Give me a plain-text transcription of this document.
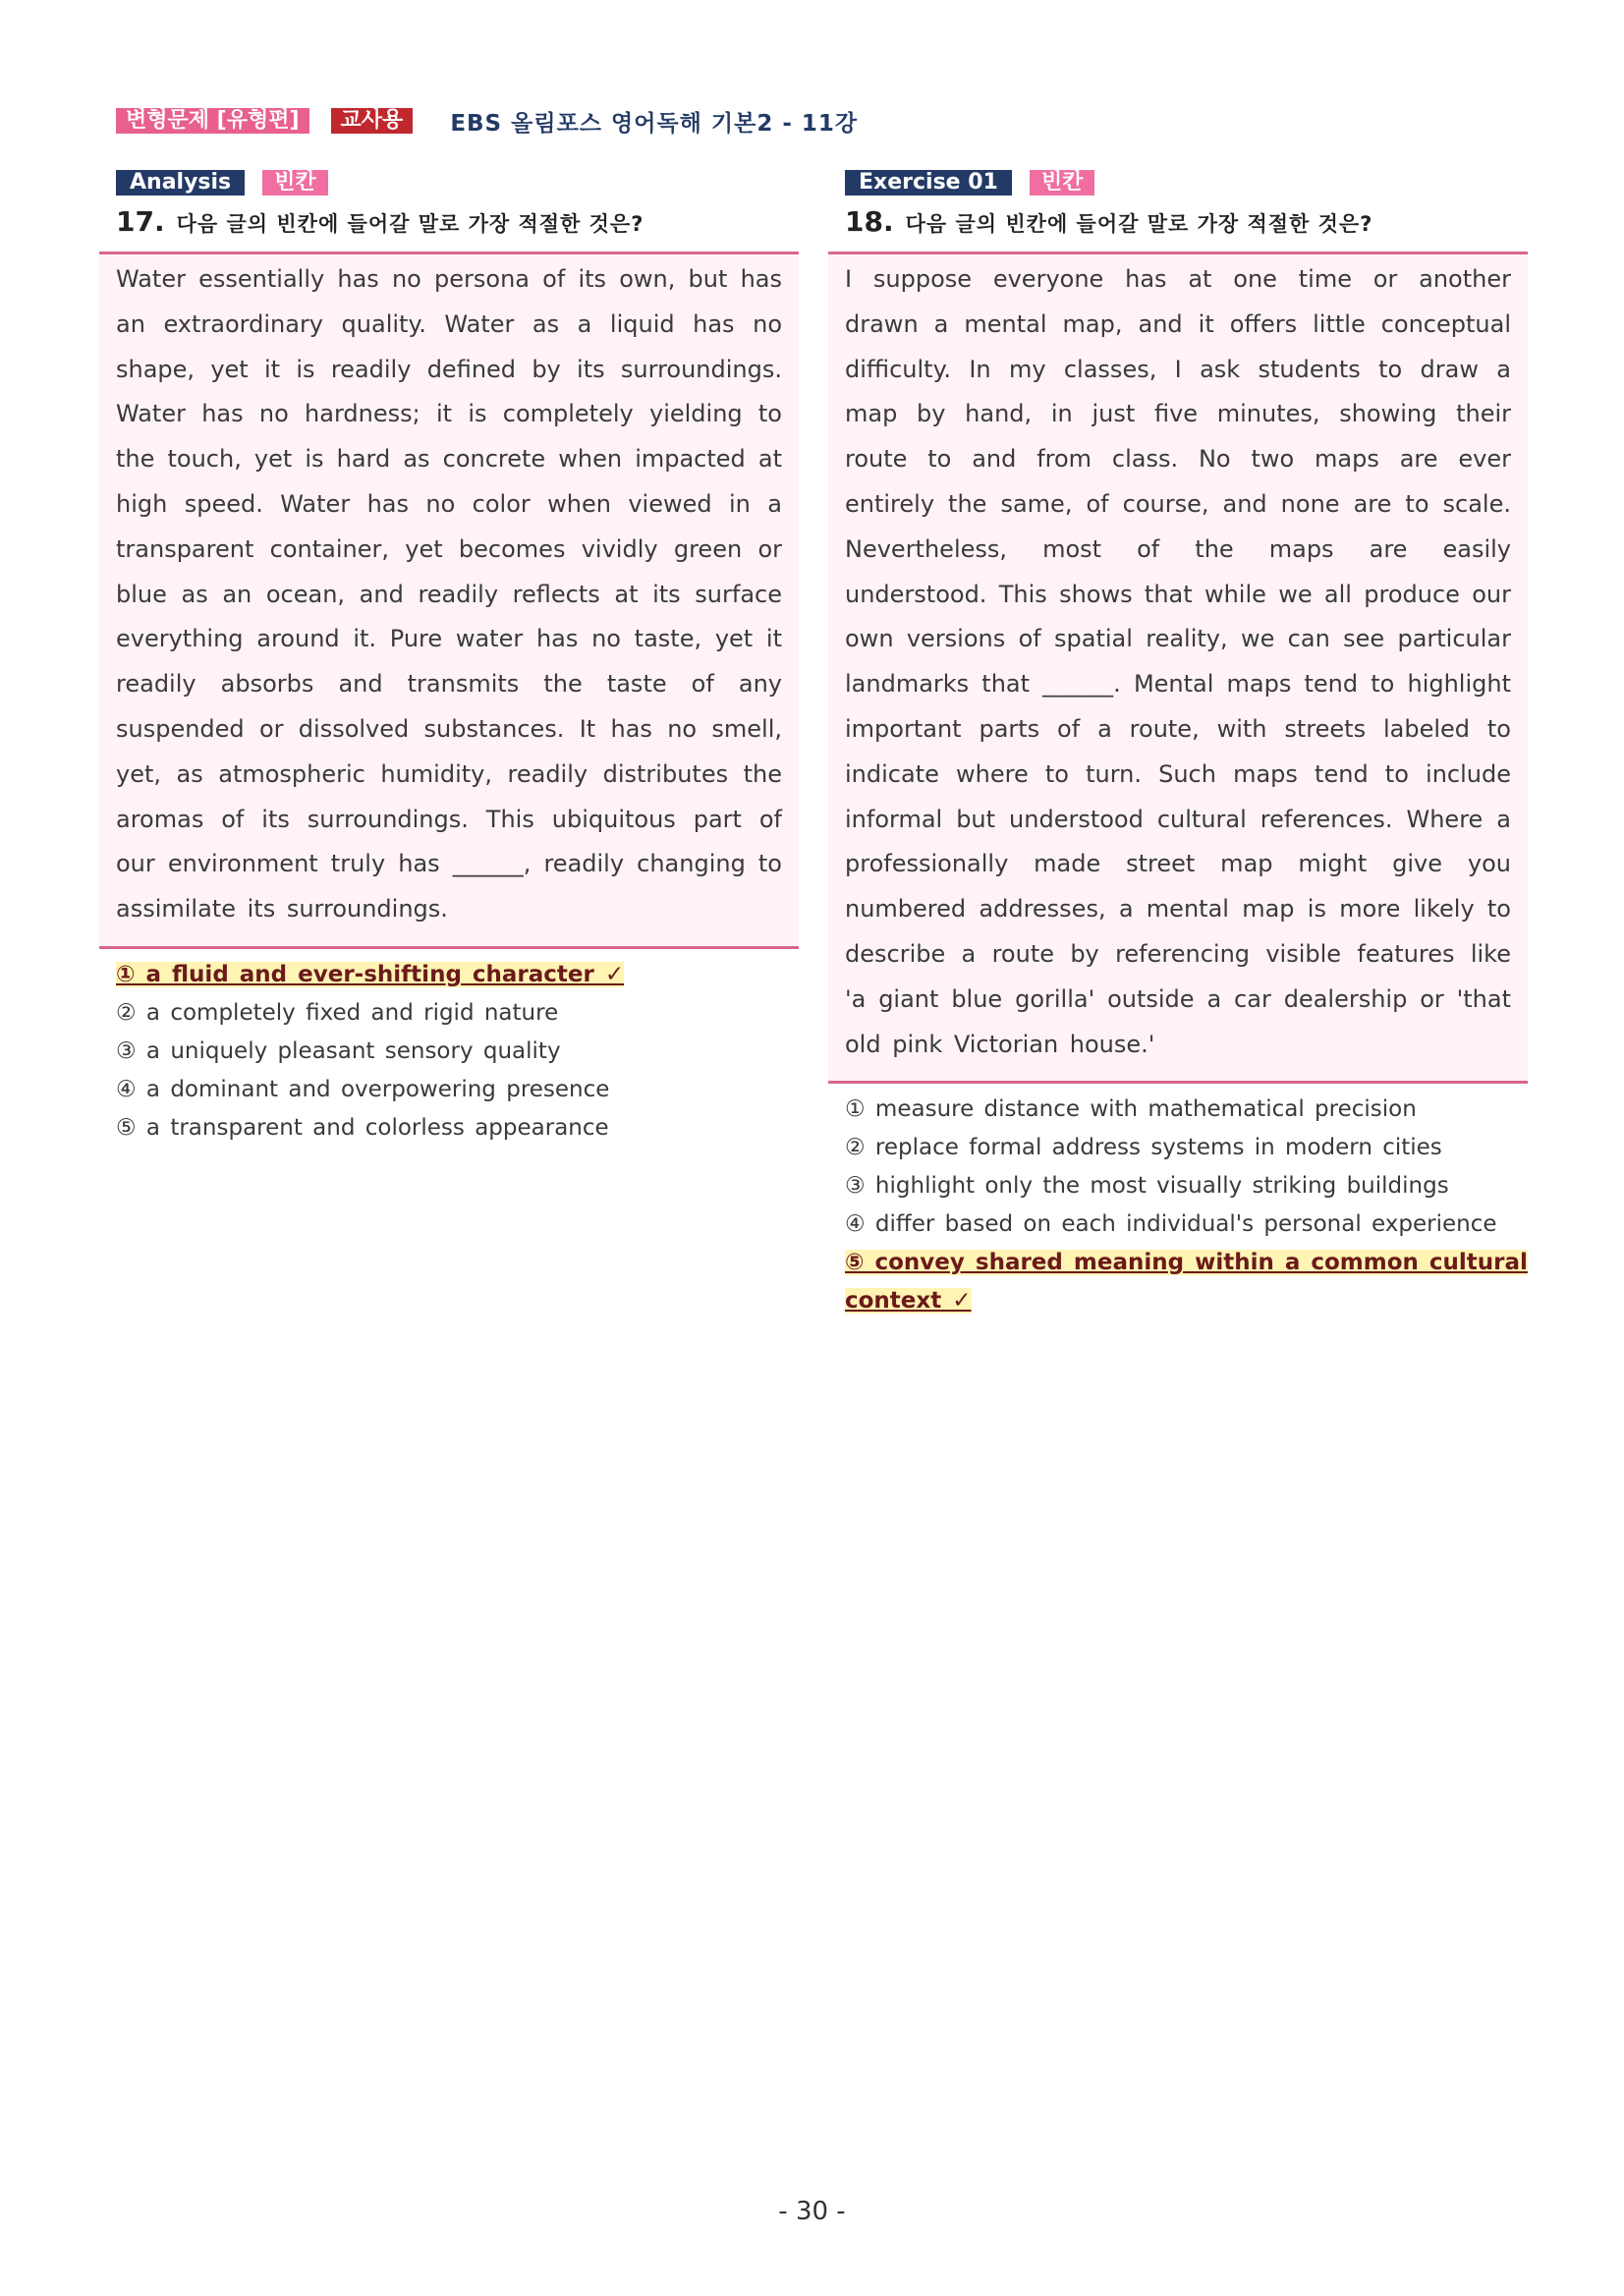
변형문제 [유형편]	교사용	EBS 올림포스 영어독해 기본2 - 11강
Analysis	빈칸
17. 다음 글의 빈칸에 들어갈 말로 가장 적절한 것은?

Water essentially has no persona of its own, but has an extraordinary quality. Water as a liquid has no shape, yet it is readily defined by its surroundings. Water has no hardness; it is completely yielding to the touch, yet is hard as concrete when impacted at high speed. Water has no color when viewed in a transparent container, yet becomes vividly green or blue as an ocean, and readily reflects at its surface everything around it. Pure water has no taste, yet it readily absorbs and transmits the taste of any suspended or dissolved substances. It has no smell, yet, as atmospheric humidity, readily distributes the aromas of its surroundings. This ubiquitous part of our environment truly has ______, readily changing to assimilate its surroundings.

① a fluid and ever-shifting character ✓
② a completely fixed and rigid nature
③ a uniquely pleasant sensory quality
④ a dominant and overpowering presence
⑤ a transparent and colorless appearance
Exercise 01	빈칸
18. 다음 글의 빈칸에 들어갈 말로 가장 적절한 것은?

I suppose everyone has at one time or another drawn a mental map, and it offers little conceptual difficulty. In my classes, I ask students to draw a map by hand, in just five minutes, showing their route to and from class. No two maps are ever entirely the same, of course, and none are to scale. Nevertheless, most of the maps are easily understood. This shows that while we all produce our own versions of spatial reality, we can see particular landmarks that ______. Mental maps tend to highlight important parts of a route, with streets labeled to indicate where to turn. Such maps tend to include informal but understood cultural references. Where a professionally made street map might give you numbered addresses, a mental map is more likely to describe a route by referencing visible features like 'a giant blue gorilla' outside a car dealership or 'that old pink Victorian house.'

① measure distance with mathematical precision
② replace formal address systems in modern cities
③ highlight only the most visually striking buildings
④ differ based on each individual's personal experience
⑤ convey shared meaning within a common cultural context ✓
- 30 -
